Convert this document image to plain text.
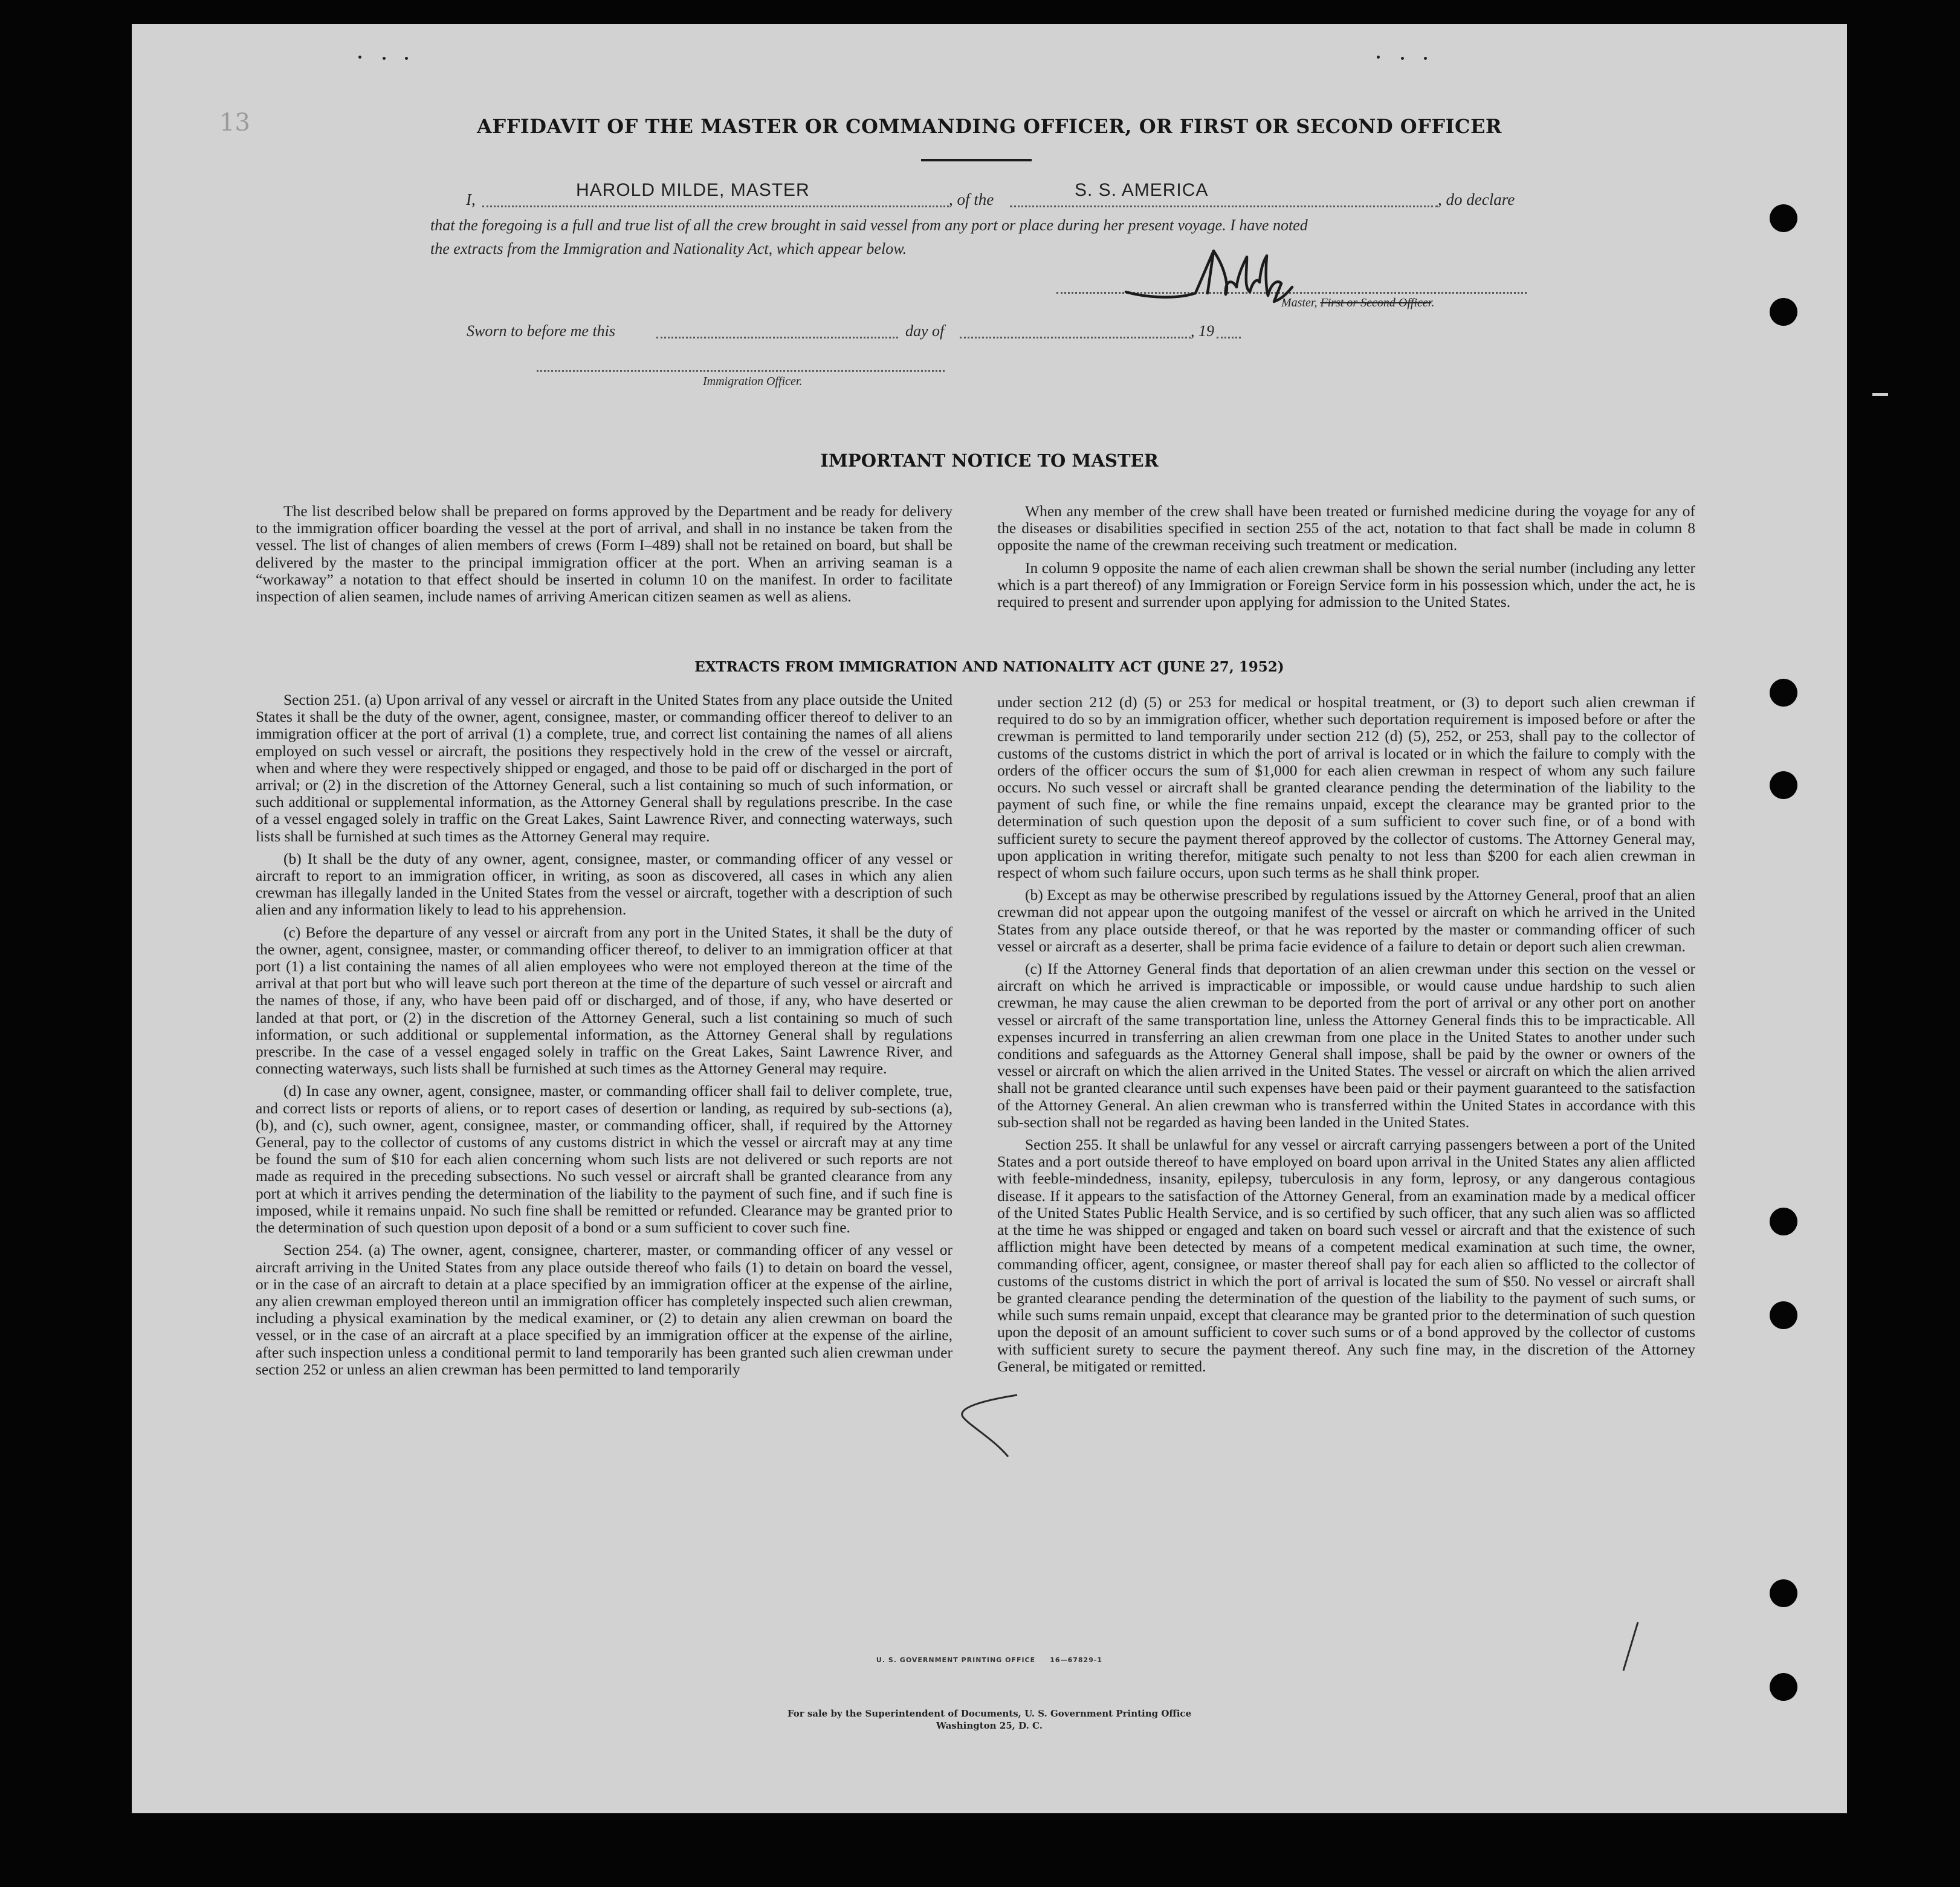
13	AFFIDAVIT OF THE MASTER OR COMMANDING OFFICER, OR FIRST OR SECOND OFFICER
I,	HAROLD MILDE, MASTER	, of the	S. S. AMERICA	, do declare
that the foregoing is a full and true list of all the crew brought in said vessel from any port or place during her present voyage. I have noted
the extracts from the Immigration and Nationality Act, which appear below.
Master, First or Second Officer.
Sworn to before me this	day of	, 19
Immigration Officer.
IMPORTANT NOTICE TO MASTER

The list described below shall be prepared on forms approved by the Department and be ready for delivery to the immigration officer boarding the vessel at the port of arrival, and shall in no instance be taken from the vessel. The list of changes of alien members of crews (Form I–489) shall not be retained on board, but shall be delivered by the master to the principal immigration officer at the port. When an arriving seaman is a “workaway” a notation to that effect should be inserted in column 10 on the manifest. In order to facilitate inspection of alien seamen, include names of arriving American citizen seamen as well as aliens.

When any member of the crew shall have been treated or furnished medicine during the voyage for any of the diseases or disabilities specified in section 255 of the act, notation to that fact shall be made in column 8 opposite the name of the crewman receiving such treatment or medication.

In column 9 opposite the name of each alien crewman shall be shown the serial number (including any letter which is a part thereof) of any Immigration or Foreign Service form in his possession which, under the act, he is required to present and surrender upon applying for admission to the United States.

EXTRACTS FROM IMMIGRATION AND NATIONALITY ACT (JUNE 27, 1952)

Section 251. (a) Upon arrival of any vessel or aircraft in the United States from any place outside the United States it shall be the duty of the owner, agent, consignee, master, or commanding officer thereof to deliver to an immigration officer at the port of arrival (1) a complete, true, and correct list containing the names of all aliens employed on such vessel or aircraft, the positions they respectively hold in the crew of the vessel or aircraft, when and where they were respectively shipped or engaged, and those to be paid off or discharged in the port of arrival; or (2) in the discretion of the Attorney General, such a list containing so much of such information, or such additional or supplemental information, as the Attorney General shall by regulations prescribe. In the case of a vessel engaged solely in traffic on the Great Lakes, Saint Lawrence River, and connecting waterways, such lists shall be furnished at such times as the Attorney General may require.

(b) It shall be the duty of any owner, agent, consignee, master, or commanding officer of any vessel or aircraft to report to an immigration officer, in writing, as soon as discovered, all cases in which any alien crewman has illegally landed in the United States from the vessel or aircraft, together with a description of such alien and any information likely to lead to his apprehension.

(c) Before the departure of any vessel or aircraft from any port in the United States, it shall be the duty of the owner, agent, consignee, master, or commanding officer thereof, to deliver to an immigration officer at that port (1) a list containing the names of all alien employees who were not employed thereon at the time of the arrival at that port but who will leave such port thereon at the time of the departure of such vessel or aircraft and the names of those, if any, who have been paid off or discharged, and of those, if any, who have deserted or landed at that port, or (2) in the discretion of the Attorney General, such a list containing so much of such information, or such additional or supplemental information, as the Attorney General shall by regulations prescribe. In the case of a vessel engaged solely in traffic on the Great Lakes, Saint Lawrence River, and connecting waterways, such lists shall be furnished at such times as the Attorney General may require.

(d) In case any owner, agent, consignee, master, or commanding officer shall fail to deliver complete, true, and correct lists or reports of aliens, or to report cases of desertion or landing, as required by sub-sections (a), (b), and (c), such owner, agent, consignee, master, or commanding officer, shall, if required by the Attorney General, pay to the collector of customs of any customs district in which the vessel or aircraft may at any time be found the sum of $10 for each alien concerning whom such lists are not delivered or such reports are not made as required in the preceding subsections. No such vessel or aircraft shall be granted clearance from any port at which it arrives pending the determination of the liability to the payment of such fine, and if such fine is imposed, while it remains unpaid. No such fine shall be remitted or refunded. Clearance may be granted prior to the determination of such question upon deposit of a bond or a sum sufficient to cover such fine.

Section 254. (a) The owner, agent, consignee, charterer, master, or commanding officer of any vessel or aircraft arriving in the United States from any place outside thereof who fails (1) to detain on board the vessel, or in the case of an aircraft to detain at a place specified by an immigration officer at the expense of the airline, any alien crewman employed thereon until an immigration officer has completely inspected such alien crewman, including a physical examination by the medical examiner, or (2) to detain any alien crewman on board the vessel, or in the case of an aircraft at a place specified by an immigration officer at the expense of the airline, after such inspection unless a conditional permit to land temporarily has been granted such alien crewman under section 252 or unless an alien crewman has been permitted to land temporarily

under section 212 (d) (5) or 253 for medical or hospital treatment, or (3) to deport such alien crewman if required to do so by an immigration officer, whether such deportation requirement is imposed before or after the crewman is permitted to land temporarily under section 212 (d) (5), 252, or 253, shall pay to the collector of customs of the customs district in which the port of arrival is located or in which the failure to comply with the orders of the officer occurs the sum of $1,000 for each alien crewman in respect of whom any such failure occurs. No such vessel or aircraft shall be granted clearance pending the determination of the liability to the payment of such fine, or while the fine remains unpaid, except the clearance may be granted prior to the determination of such question upon the deposit of a sum sufficient to cover such fine, or of a bond with sufficient surety to secure the payment thereof approved by the collector of customs. The Attorney General may, upon application in writing therefor, mitigate such penalty to not less than $200 for each alien crewman in respect of whom such failure occurs, upon such terms as he shall think proper.

(b) Except as may be otherwise prescribed by regulations issued by the Attorney General, proof that an alien crewman did not appear upon the outgoing manifest of the vessel or aircraft on which he arrived in the United States from any place outside thereof, or that he was reported by the master or commanding officer of such vessel or aircraft as a deserter, shall be prima facie evidence of a failure to detain or deport such alien crewman.

(c) If the Attorney General finds that deportation of an alien crewman under this section on the vessel or aircraft on which he arrived is impracticable or impossible, or would cause undue hardship to such alien crewman, he may cause the alien crewman to be deported from the port of arrival or any other port on another vessel or aircraft of the same transportation line, unless the Attorney General finds this to be impracticable. All expenses incurred in transferring an alien crewman from one place in the United States to another under such conditions and safeguards as the Attorney General shall impose, shall be paid by the owner or owners of the vessel or aircraft on which the alien arrived in the United States. The vessel or aircraft on which the alien arrived shall not be granted clearance until such expenses have been paid or their payment guaranteed to the satisfaction of the Attorney General. An alien crewman who is transferred within the United States in accordance with this sub-section shall not be regarded as having been landed in the United States.

Section 255. It shall be unlawful for any vessel or aircraft carrying passengers between a port of the United States and a port outside thereof to have employed on board upon arrival in the United States any alien afflicted with feeble-mindedness, insanity, epilepsy, tuberculosis in any form, leprosy, or any dangerous contagious disease. If it appears to the satisfaction of the Attorney General, from an examination made by a medical officer of the United States Public Health Service, and is so certified by such officer, that any such alien was so afflicted at the time he was shipped or engaged and taken on board such vessel or aircraft and that the existence of such affliction might have been detected by means of a competent medical examination at such time, the owner, commanding officer, agent, consignee, or master thereof shall pay for each alien so afflicted to the collector of customs of the customs district in which the port of arrival is located the sum of $50. No vessel or aircraft shall be granted clearance pending the determination of the question of the liability to the payment of such sums, or while such sums remain unpaid, except that clearance may be granted prior to the determination of such question upon the deposit of an amount sufficient to cover such sums or of a bond approved by the collector of customs with sufficient surety to secure the payment thereof. Any such fine may, in the discretion of the Attorney General, be mitigated or remitted.

U. S. GOVERNMENT PRINTING OFFICE     16—67829-1
For sale by the Superintendent of Documents, U. S. Government Printing Office
Washington 25, D. C.
